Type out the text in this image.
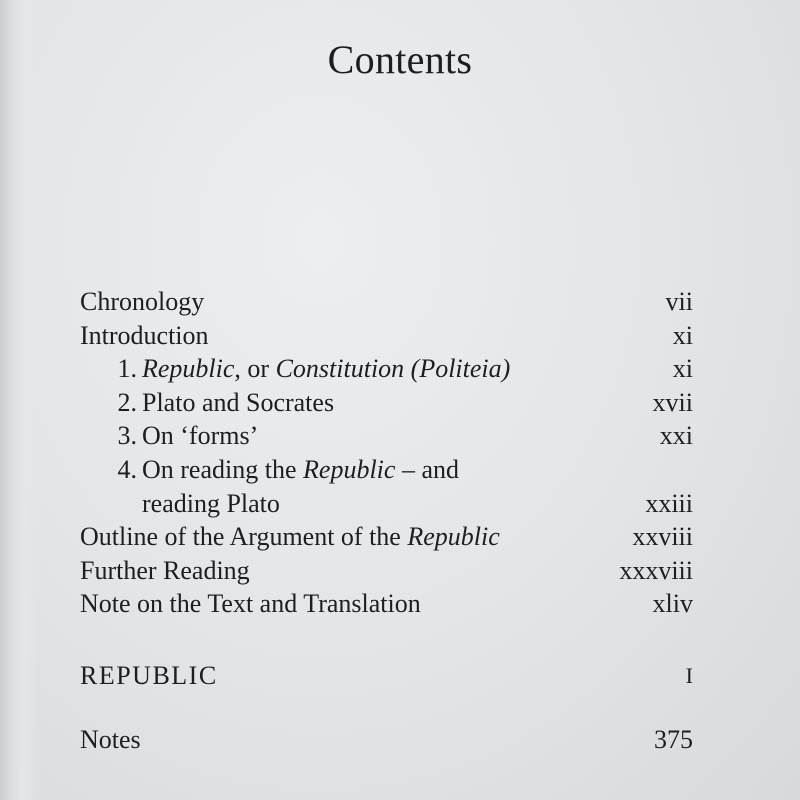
Contents
Chronology	vii
Introduction	xi
1. Republic, or Constitution (Politeia)	xi
2. Plato and Socrates	xvii
3. On ‘forms’	xxi
4. On reading the Republic – and
reading Plato	xxiii
Outline of the Argument of the Republic	xxviii
Further Reading	xxxviii
Note on the Text and Translation	xliv
REPUBLIC	I
Notes	375
